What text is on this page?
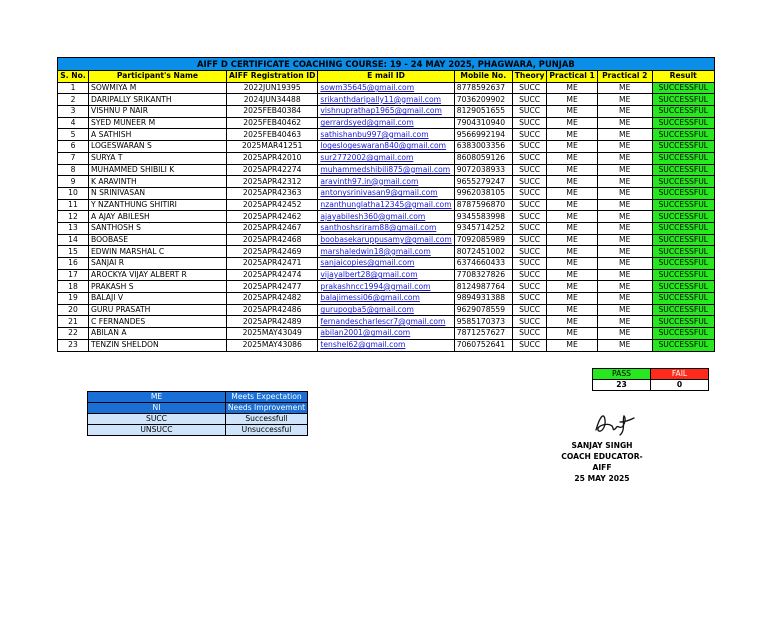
AIFF D CERTIFICATE COACHING COURSE: 19 - 24 MAY 2025, PHAGWARA, PUNJAB								
S. No.	Participant's Name	AIFF Registration ID	E mail ID	Mobile No.	Theory	Practical 1	Practical 2	Result
1	SOWMIYA M	2022JUN19395	sowm35645@gmail.com	8778592637	SUCC	ME	ME	SUCCESSFUL
2	DARIPALLY SRIKANTH	2024JUN34488	srikanthdaripally11@gmail.com	7036209902	SUCC	ME	ME	SUCCESSFUL
3	VISHNU P NAIR	2025FEB40384	vishnuprathap1965@gmail.com	8129051655	SUCC	ME	ME	SUCCESSFUL
4	SYED MUNEER M	2025FEB40462	gerrardsyed@gmail.com	7904310940	SUCC	ME	ME	SUCCESSFUL
5	A SATHISH	2025FEB40463	sathishanbu997@gmail.com	9566992194	SUCC	ME	ME	SUCCESSFUL
6	LOGESWARAN S	2025MAR41251	logeslogeswaran840@gmail.com	6383003356	SUCC	ME	ME	SUCCESSFUL
7	SURYA T	2025APR42010	sur2772002@gmail.com	8608059126	SUCC	ME	ME	SUCCESSFUL
8	MUHAMMED SHIBILI K	2025APR42274	muhammedshibili875@gmail.com	9072038933	SUCC	ME	ME	SUCCESSFUL
9	K ARAVINTH	2025APR42312	aravinth97.in@gmail.com	9655279247	SUCC	ME	ME	SUCCESSFUL
10	N SRINIVASAN	2025APR42363	antonysrinivasan9@gmail.com	9962038105	SUCC	ME	ME	SUCCESSFUL
11	Y NZANTHUNG SHITIRI	2025APR42452	nzanthunglatha12345@gmail.com	8787596870	SUCC	ME	ME	SUCCESSFUL
12	A AJAY ABILESH	2025APR42462	ajayabilesh360@gmail.com	9345583998	SUCC	ME	ME	SUCCESSFUL
13	SANTHOSH S	2025APR42467	santhoshsriram88@gmail.com	9345714252	SUCC	ME	ME	SUCCESSFUL
14	BOOBASE	2025APR42468	boobasekaruppusamy@gmail.com	7092085989	SUCC	ME	ME	SUCCESSFUL
15	EDWIN MARSHAL C	2025APR42469	marshaledwin18@gmail.com	8072451002	SUCC	ME	ME	SUCCESSFUL
16	SANJAI R	2025APR42471	sanjaicopies@gmail.com	6374660433	SUCC	ME	ME	SUCCESSFUL
17	AROCKYA VIJAY ALBERT R	2025APR42474	vijayalbert28@gmail.com	7708327826	SUCC	ME	ME	SUCCESSFUL
18	PRAKASH S	2025APR42477	prakashncc1994@gmail.com	8124987764	SUCC	ME	ME	SUCCESSFUL
19	BALAJI V	2025APR42482	balajimessi06@gmail.com	9894931388	SUCC	ME	ME	SUCCESSFUL
20	GURU PRASATH	2025APR42486	gurupogba5@gmail.com	9629078559	SUCC	ME	ME	SUCCESSFUL
21	C FERNANDES	2025APR42489	fernandescharlescr7@gmail.com	9585170373	SUCC	ME	ME	SUCCESSFUL
22	ABILAN A	2025MAY43049	abilan2001@gmail.com	7871257627	SUCC	ME	ME	SUCCESSFUL
23	TENZIN SHELDON	2025MAY43086	tenshel62@gmail.com	7060752641	SUCC	ME	ME	SUCCESSFUL
PASS	FAIL
23	0
ME	Meets Expectation
NI	Needs Improvement
SUCC	Successfull
UNSUCC	Unsuccessful
SANJAY SINGH
COACH EDUCATOR- AIFF
25 MAY 2025
